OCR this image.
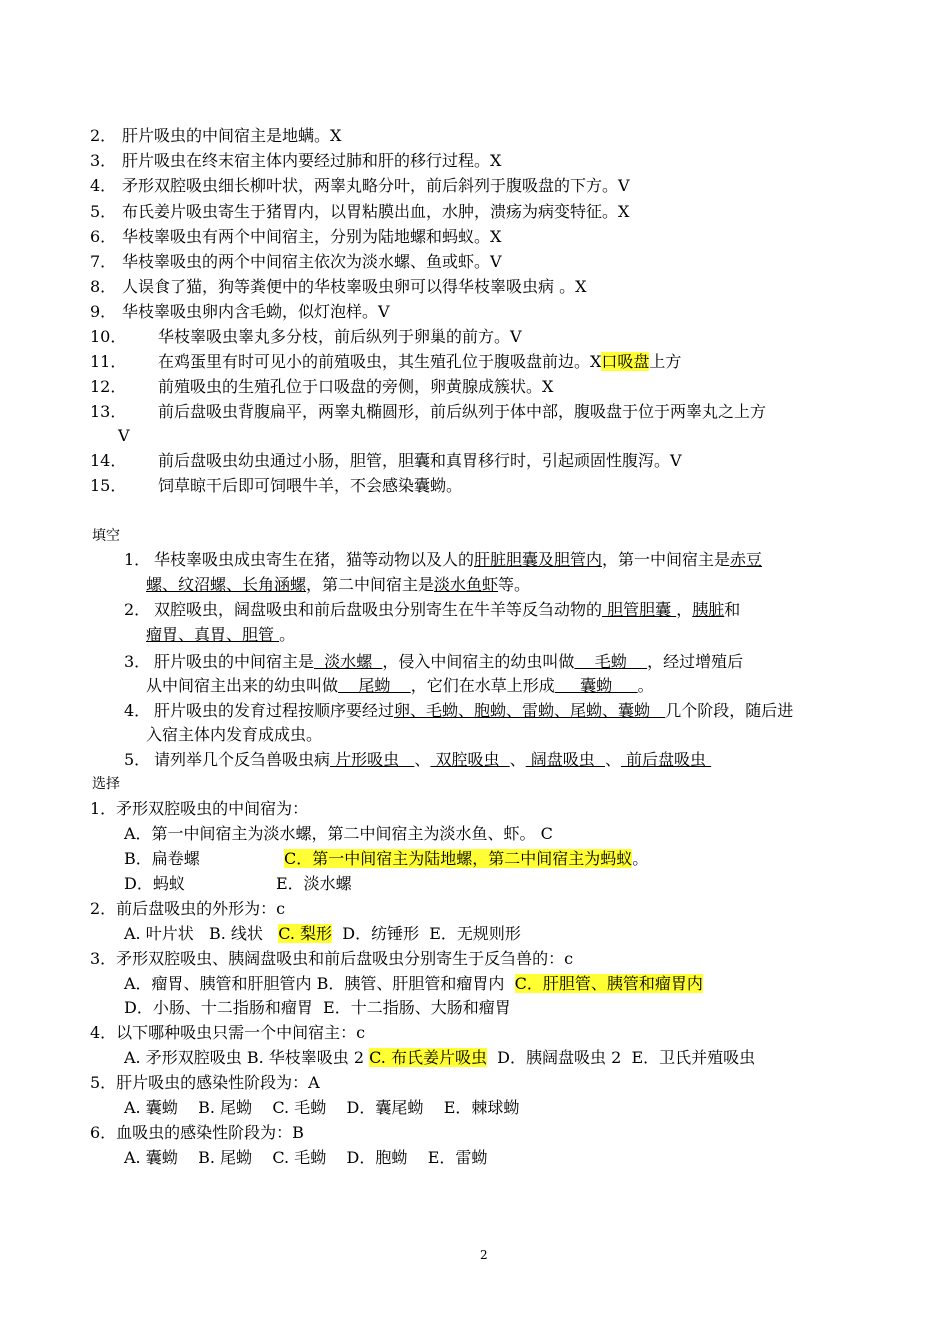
2． 肝片吸虫的中间宿主是地螨。X
3． 肝片吸虫在终末宿主体内要经过肺和肝的移行过程。X
4． 矛形双腔吸虫细长柳叶状，两睾丸略分叶，前后斜列于腹吸盘的下方。V
5． 布氏姜片吸虫寄生于猪胃内，以胃粘膜出血，水肿，溃疡为病变特征。X
6． 华枝睾吸虫有两个中间宿主，分别为陆地螺和蚂蚁。X
7． 华枝睾吸虫的两个中间宿主依次为淡水螺、鱼或虾。V
8． 人误食了猫，狗等粪便中的华枝睾吸虫卵可以得华枝睾吸虫病 。X
9． 华枝睾吸虫卵内含毛蚴，似灯泡样。V
10． 华枝睾吸虫睾丸多分枝，前后纵列于卵巢的前方。V
11． 在鸡蛋里有时可见小的前殖吸虫，其生殖孔位于腹吸盘前边。X口吸盘上方
12． 前殖吸虫的生殖孔位于口吸盘的旁侧，卵黄腺成簇状。X
13． 前后盘吸虫背腹扁平，两睾丸椭圆形，前后纵列于体中部，腹吸盘于位于两睾丸之上方
V
14． 前后盘吸虫幼虫通过小肠，胆管，胆囊和真胃移行时，引起顽固性腹泻。V
15． 饲草晾干后即可饲喂牛羊，不会感染囊蚴。
填空
1． 华枝睾吸虫成虫寄生在猪，猫等动物以及人的肝脏胆囊及胆管内，第一中间宿主是赤豆
螺、纹沼螺、长角涵螺，第二中间宿主是淡水鱼虾等。
2． 双腔吸虫，阔盘吸虫和前后盘吸虫分别寄生在牛羊等反刍动物的 胆管胆囊 ，胰脏和
瘤胃、真胃、胆管 。
3． 肝片吸虫的中间宿主是  淡水螺  ，侵入中间宿主的幼虫叫做    毛蚴    ，经过增殖后
从中间宿主出来的幼虫叫做    尾蚴    ，它们在水草上形成     囊蚴     。
4． 肝片吸虫的发育过程按顺序要经过卵、毛蚴、胞蚴、雷蚴、尾蚴、囊蚴   几个阶段，随后进
入宿主体内发育成成虫。
5． 请列举几个反刍兽吸虫病 片形吸虫   、 双腔吸虫  、 阔盘吸虫  、 前后盘吸虫
选择
1．矛形双腔吸虫的中间宿为：
A．第一中间宿主为淡水螺，第二中间宿主为淡水鱼、虾。 C
B．扁卷螺	C．第一中间宿主为陆地螺，第二中间宿主为蚂蚁。
D．蚂蚁	E．淡水螺
2．前后盘吸虫的外形为：c
A. 叶片状 B. 线状 C. 梨形 D．纺锤形 E．无规则形
3．矛形双腔吸虫、胰阔盘吸虫和前后盘吸虫分别寄生于反刍兽的：c
A．瘤胃、胰管和肝胆管内 B．胰管、肝胆管和瘤胃内 C．肝胆管、胰管和瘤胃内
D．小肠、十二指肠和瘤胃 E．十二指肠、大肠和瘤胃
4．以下哪种吸虫只需一个中间宿主：c
A. 矛形双腔吸虫 B. 华枝睾吸虫 2 C. 布氏姜片吸虫 D．胰阔盘吸虫 2 E．卫氏并殖吸虫
5．肝片吸虫的感染性阶段为：A
A. 囊蚴    B. 尾蚴    C. 毛蚴    D．囊尾蚴    E．棘球蚴
6．血吸虫的感染性阶段为：B
A. 囊蚴    B. 尾蚴    C. 毛蚴    D．胞蚴    E．雷蚴
2
